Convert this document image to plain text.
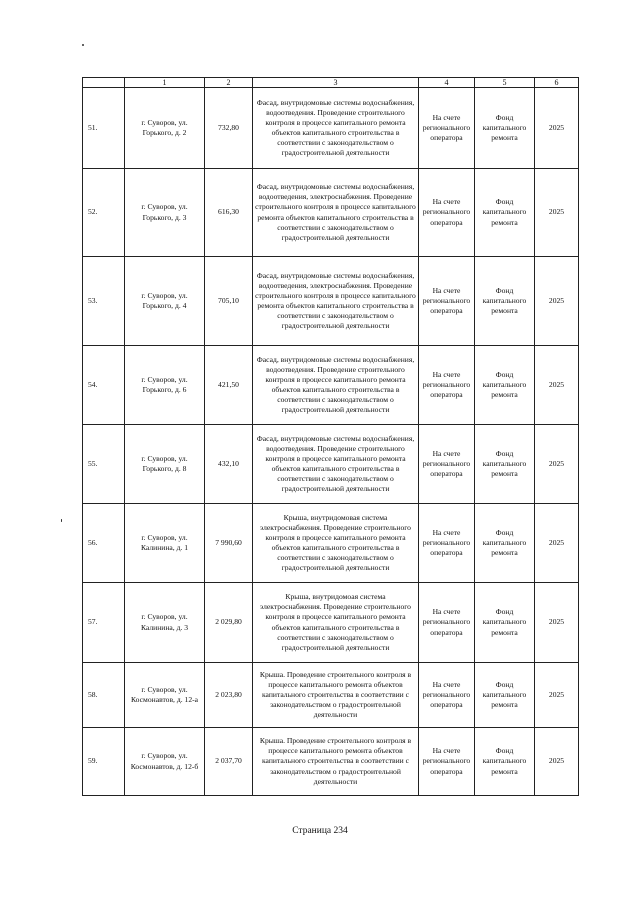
	1	2	3	4	5	6
51.	г. Суворов, ул. Горького, д. 2	732,80	Фасад, внутридомовые системы водоснабжения, водоотведения. Проведение строительного контроля в процессе капитального ремонта объектов капитального строительства в соответствии с законодательством о градостроительной деятельности	На счете регионального оператора	Фонд капитального ремонта	2025
52.	г. Суворов, ул. Горького, д. 3	616,30	Фасад, внутридомовые системы водоснабжения, водоотведения, электроснабжения. Проведение строительного контроля в процессе капитального ремонта объектов капитального строительства в соответствии с законодательством о градостроительной деятельности	На счете регионального оператора	Фонд капитального ремонта	2025
53.	г. Суворов, ул. Горького, д. 4	705,10	Фасад, внутридомовые системы водоснабжения, водоотведения, электроснабжения. Проведение строительного контроля в процессе капитального ремонта объектов капитального строительства в соответствии с законодательством о градостроительной деятельности	На счете регионального оператора	Фонд капитального ремонта	2025
54.	г. Суворов, ул. Горького, д. 6	421,50	Фасад, внутридомовые системы водоснабжения, водоотведения. Проведение строительного контроля в процессе капитального ремонта объектов капитального строительства в соответствии с законодательством о градостроительной деятельности	На счете регионального оператора	Фонд капитального ремонта	2025
55.	г. Суворов, ул. Горького, д. 8	432,10	Фасад, внутридомовые системы водоснабжения, водоотведения. Проведение строительного контроля в процессе капитального ремонта объектов капитального строительства в соответствии с законодательством о градостроительной деятельности	На счете регионального оператора	Фонд капитального ремонта	2025
56.	г. Суворов, ул. Калинина, д. 1	7 990,60	Крыша, внутридомовая система электроснабжения. Проведение строительного контроля в процессе капитального ремонта объектов капитального строительства в соответствии с законодательством о градостроительной деятельности	На счете регионального оператора	Фонд капитального ремонта	2025
57.	г. Суворов, ул. Калинина, д. 3	2 029,80	Крыша, внутридомоая система электроснабжения. Проведение строительного контроля в процессе капитального ремонта объектов капитального строительства в соответствии с законодательством о градостроительной деятельности	На счете регионального оператора	Фонд капитального ремонта	2025
58.	г. Суворов, ул. Космонавтов, д. 12-а	2 023,80	Крыша. Проведение строительного контроля в процессе капитального ремонта объектов капитального строительства в соответствии с законодательством о градостроительной деятельности	На счете регионального оператора	Фонд капитального ремонта	2025
59.	г. Суворов, ул. Космонавтов, д. 12-б	2 037,70	Крыша. Проведение строительного контроля в процессе капитального ремонта объектов капитального строительства в соответствии с законодательством о градостроительной деятельности	На счете регионального оператора	Фонд капитального ремонта	2025
Страница 234
